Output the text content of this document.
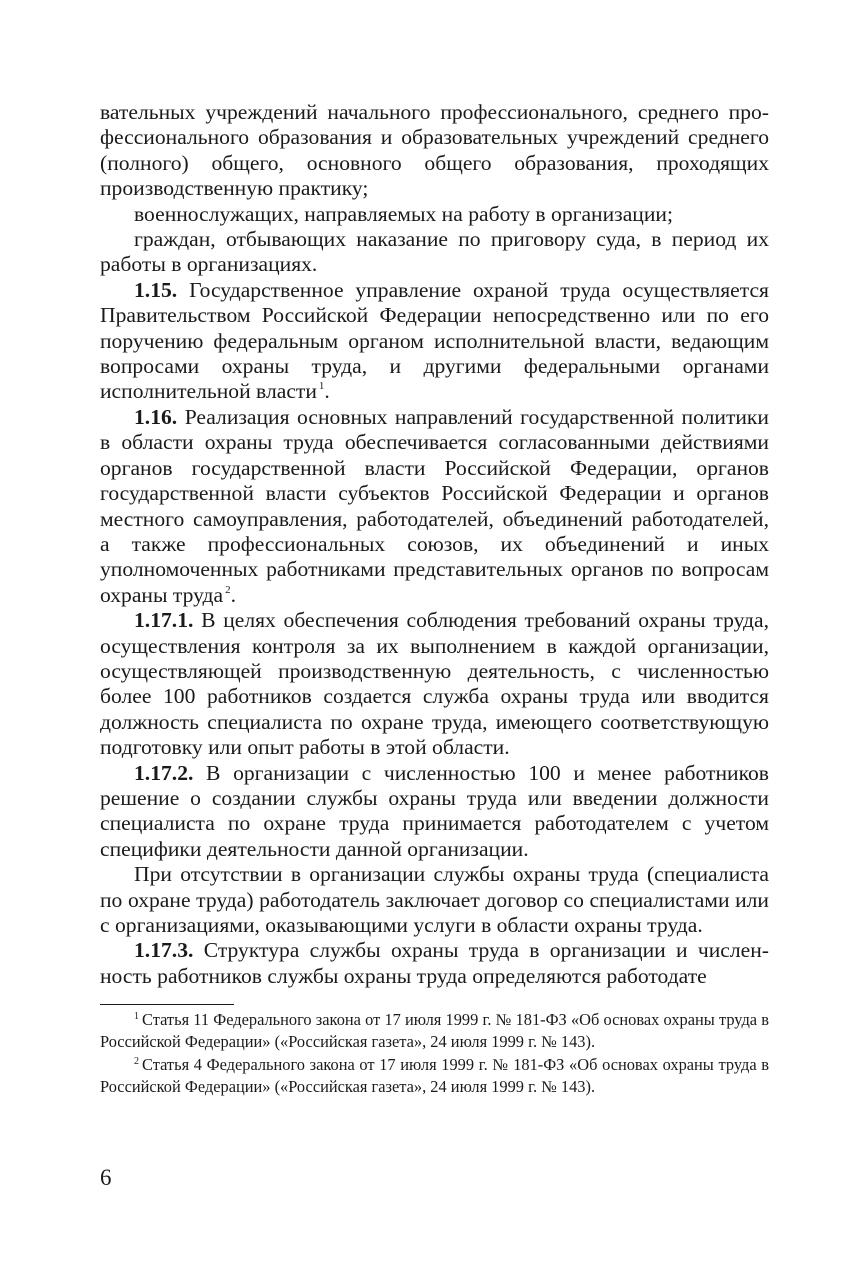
вательных учреждений начального профессионального, среднего профессионального образования и образовательных учреждений среднего (полного) общего, основного общего образования, проходящих производственную практику;

военнослужащих, направляемых на работу в организации;

граждан, отбывающих наказание по приговору суда, в период их работы в организациях.

1.15. Государственное управление охраной труда осуществляется Правительством Российской Федерации непосредственно или по его поручению федеральным органом исполнительной власти, ведающим вопросами охраны труда, и другими федеральными органами исполнительной власти $^1$.

1.16. Реализация основных направлений государственной политики в области охраны труда обеспечивается согласованными действиями органов государственной власти Российской Федерации, органов государственной власти субъектов Российской Федерации и органов местного самоуправления, работодателей, объединений работодателей, а также профессиональных союзов, их объединений и иных уполномоченных работниками представительных органов по вопросам охраны труда $^2$.

1.17.1. В целях обеспечения соблюдения требований охраны труда, осуществления контроля за их выполнением в каждой организации, осуществляющей производственную деятельность, с численностью более 100 работников создается служба охраны труда или вводится должность специалиста по охране труда, имеющего соответствующую подготовку или опыт работы в этой области.

1.17.2. В организации с численностью 100 и менее работников решение о создании службы охраны труда или введении должности специалиста по охране труда принимается работодателем с учетом специфики деятельности данной организации.

При отсутствии в организации службы охраны труда (специалиста по охране труда) работодатель заключает договор со специалистами или с организациями, оказывающими услуги в области охраны труда.

1.17.3. Структура службы охраны труда в организации и численность работников службы охраны труда определяются работодате

$^1$ Статья 11 Федерального закона от 17 июля 1999 г. № 181-ФЗ «Об основах охраны труда в Российской Федерации» («Российская газета», 24 июля 1999 г. № 143).

$^2$ Статья 4 Федерального закона от 17 июля 1999 г. № 181-ФЗ «Об основах охраны труда в Российской Федерации» («Российская газета», 24 июля 1999 г. № 143).

6
